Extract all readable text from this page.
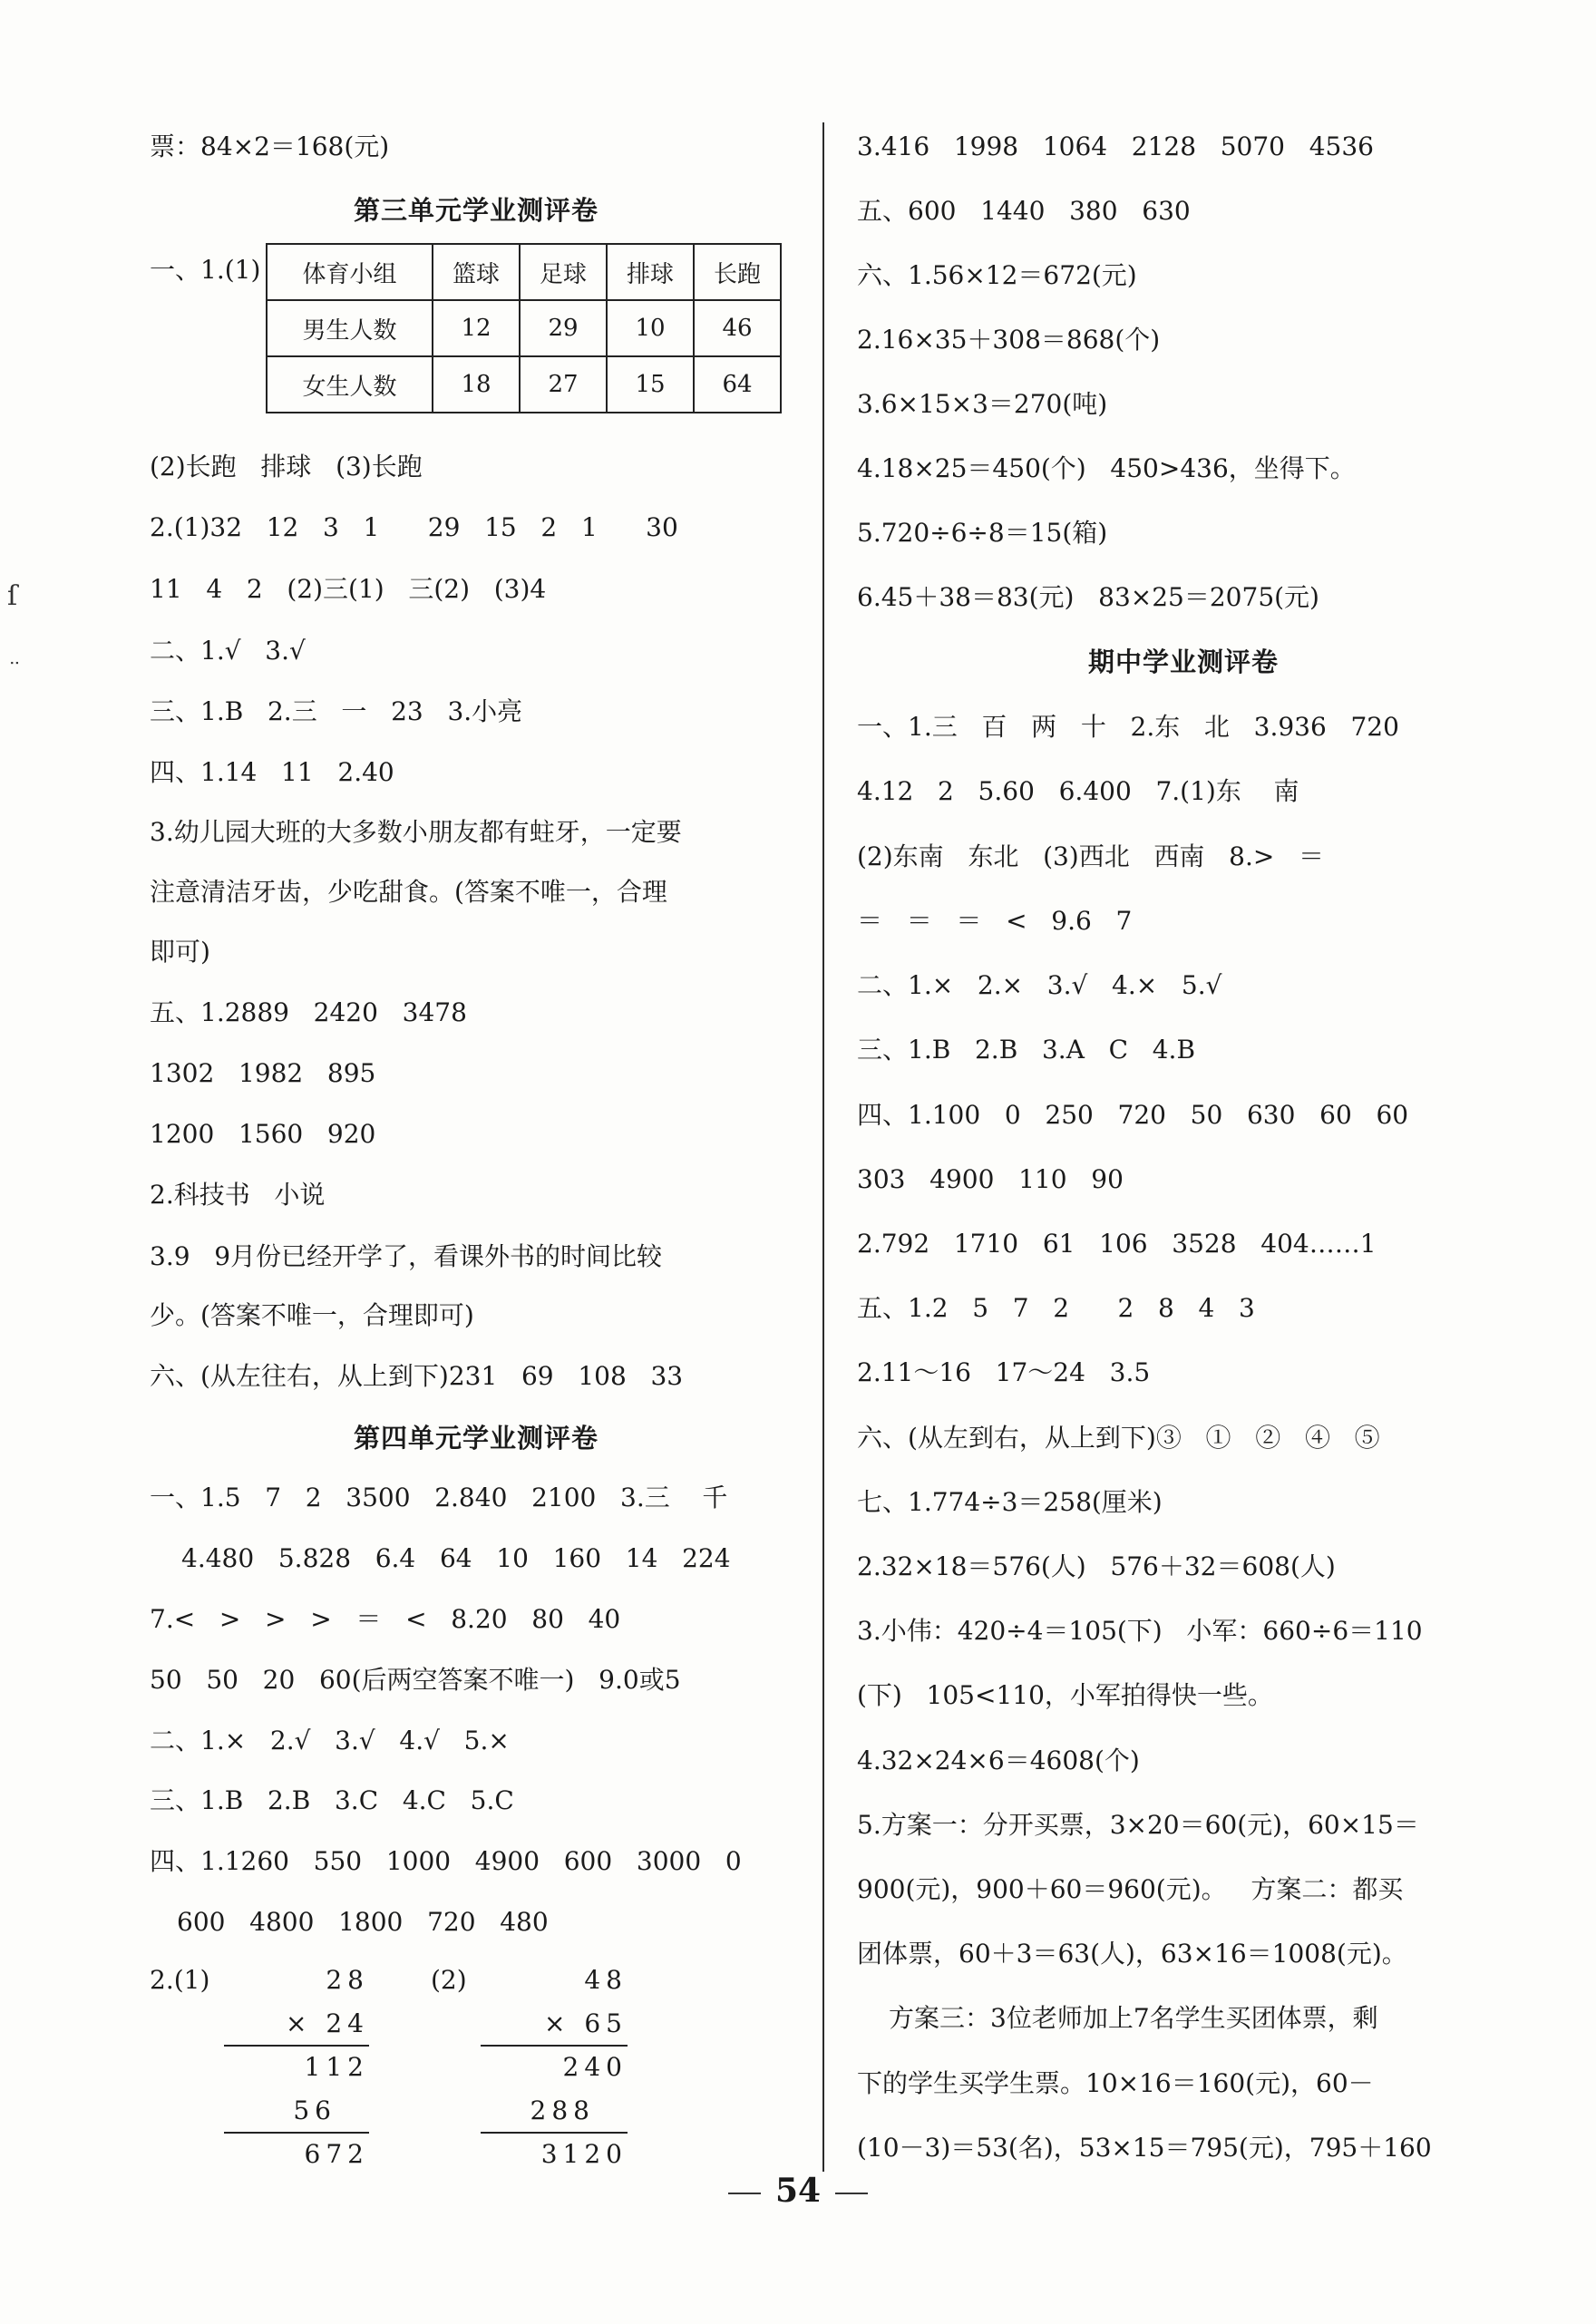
ſ
ᐧᐧ
票：84×2＝168(元)
第三单元学业测评卷
一、1.(1) 体育小组	篮球	足球	排球	长跑
男生人数	12	29	10	46
女生人数	18	27	15	64
(2)长跑   排球   (3)长跑
2.(1)32   12   3   1      29   15   2   1      30
11   4   2   (2)三(1)   三(2)   (3)4
二、1.√   3.√
三、1.B   2.三   一   23   3.小亮
四、1.14   11   2.40
3.幼儿园大班的大多数小朋友都有蛀牙，一定要
注意清洁牙齿，少吃甜食。(答案不唯一，合理
即可)
五、1.2889   2420   3478
1302   1982   895
1200   1560   920
2.科技书   小说
3.9   9月份已经开学了，看课外书的时间比较
少。(答案不唯一，合理即可)
六、(从左往右，从上到下)231   69   108   33
第四单元学业测评卷
一、1.5   7   2   3500   2.840   2100   3.三    千
4.480   5.828   6.4   64   10   160   14   224
7.<   >   >   >   ＝   <   8.20   80   40
50   50   20   60(后两空答案不唯一)   9.0或5
二、1.×   2.√   3.√   4.√   5.×
三、1.B   2.B   3.C   4.C   5.C
四、1.1260   550   1000   4900   600   3000   0
600   4800   1800   720   480
2.(1)	(2)
28
× 24
112
56
672
48
× 65
240
288
3120
3.416   1998   1064   2128   5070   4536
五、600   1440   380   630
六、1.56×12＝672(元)
2.16×35＋308＝868(个)
3.6×15×3＝270(吨)
4.18×25＝450(个)   450>436，坐得下。
5.720÷6÷8＝15(箱)
6.45＋38＝83(元)   83×25＝2075(元)
期中学业测评卷
一、1.三   百   两   十   2.东   北   3.936   720
4.12   2   5.60   6.400   7.(1)东    南
(2)东南   东北   (3)西北   西南   8.>   ＝
＝   ＝   ＝   <   9.6   7
二、1.×   2.×   3.√   4.×   5.√
三、1.B   2.B   3.A   C   4.B
四、1.100   0   250   720   50   630   60   60
303   4900   110   90
2.792   1710   61   106   3528   404……1
五、1.2   5   7   2      2   8   4   3
2.11～16   17～24   3.5
六、(从左到右，从上到下)③   ①   ②   ④   ⑤
七、1.774÷3＝258(厘米)
2.32×18＝576(人)   576＋32＝608(人)
3.小伟：420÷4＝105(下)   小军：660÷6＝110
(下)   105<110，小军拍得快一些。
4.32×24×6＝4608(个)
5.方案一：分开买票，3×20＝60(元)，60×15＝
900(元)，900＋60＝960(元)。   方案二：都买
团体票，60＋3＝63(人)，63×16＝1008(元)。
方案三：3位老师加上7名学生买团体票，剩
下的学生买学生票。10×16＝160(元)，60－
(10－3)＝53(名)，53×15＝795(元)，795＋160
54
